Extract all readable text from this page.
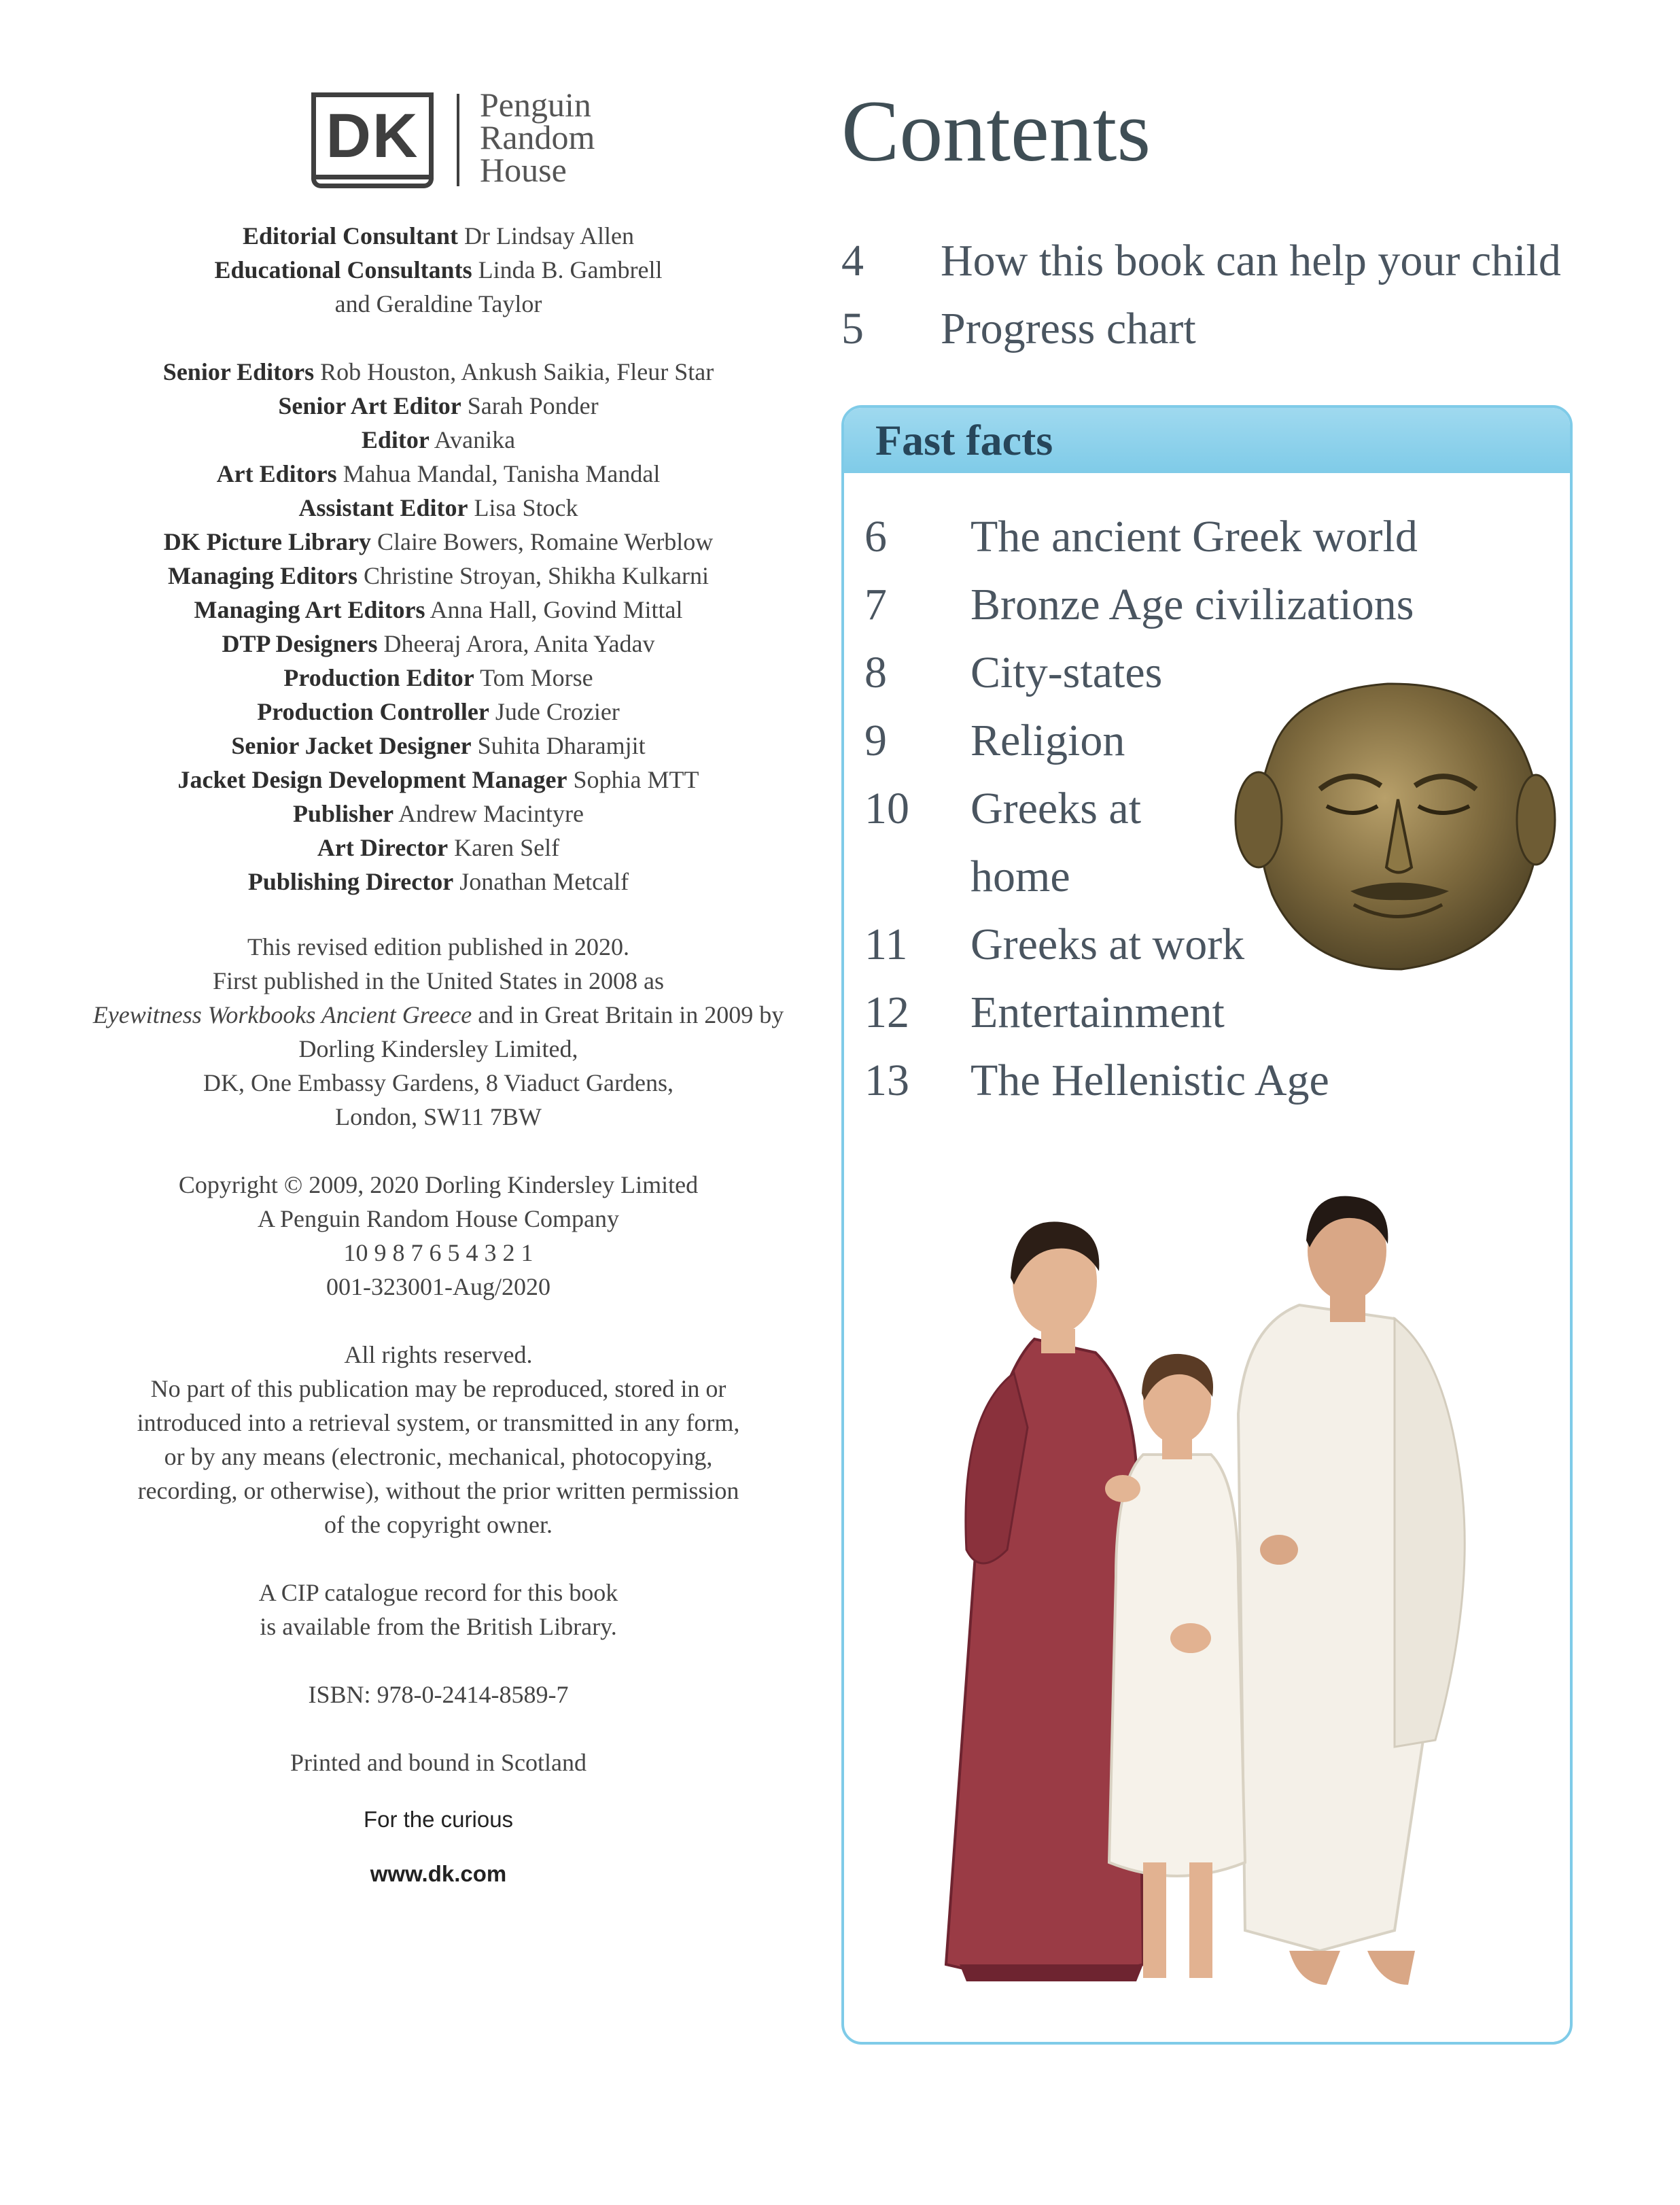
DK	Penguin
Random
House
Editorial Consultant Dr Lindsay Allen
Educational Consultants Linda B. Gambrell
and Geraldine Taylor
Senior Editors Rob Houston, Ankush Saikia, Fleur Star
Senior Art Editor Sarah Ponder
Editor Avanika
Art Editors Mahua Mandal, Tanisha Mandal
Assistant Editor Lisa Stock
DK Picture Library Claire Bowers, Romaine Werblow
Managing Editors Christine Stroyan, Shikha Kulkarni
Managing Art Editors Anna Hall, Govind Mittal
DTP Designers Dheeraj Arora, Anita Yadav
Production Editor Tom Morse
Production Controller Jude Crozier
Senior Jacket Designer Suhita Dharamjit
Jacket Design Development Manager Sophia MTT
Publisher Andrew Macintyre
Art Director Karen Self
Publishing Director Jonathan Metcalf
This revised edition published in 2020.
First published in the United States in 2008 as
Eyewitness Workbooks Ancient Greece and in Great Britain in 2009 by
Dorling Kindersley Limited,
DK, One Embassy Gardens, 8 Viaduct Gardens,
London, SW11 7BW
Copyright © 2009, 2020 Dorling Kindersley Limited
A Penguin Random House Company
10 9 8 7 6 5 4 3 2 1
001-323001-Aug/2020
All rights reserved.
No part of this publication may be reproduced, stored in or
introduced into a retrieval system, or transmitted in any form,
or by any means (electronic, mechanical, photocopying,
recording, or otherwise), without the prior written permission
of the copyright owner.
A CIP catalogue record for this book
is available from the British Library.
ISBN: 978-0-2414-8589-7
Printed and bound in Scotland
For the curious
www.dk.com
Contents
4 How this book can help your child
5 Progress chart
Fast facts
6 The ancient Greek world
7 Bronze Age civilizations
8 City-states
9 Religion
10 Greeks at
home
11 Greeks at work
12 Entertainment
13 The Hellenistic Age
